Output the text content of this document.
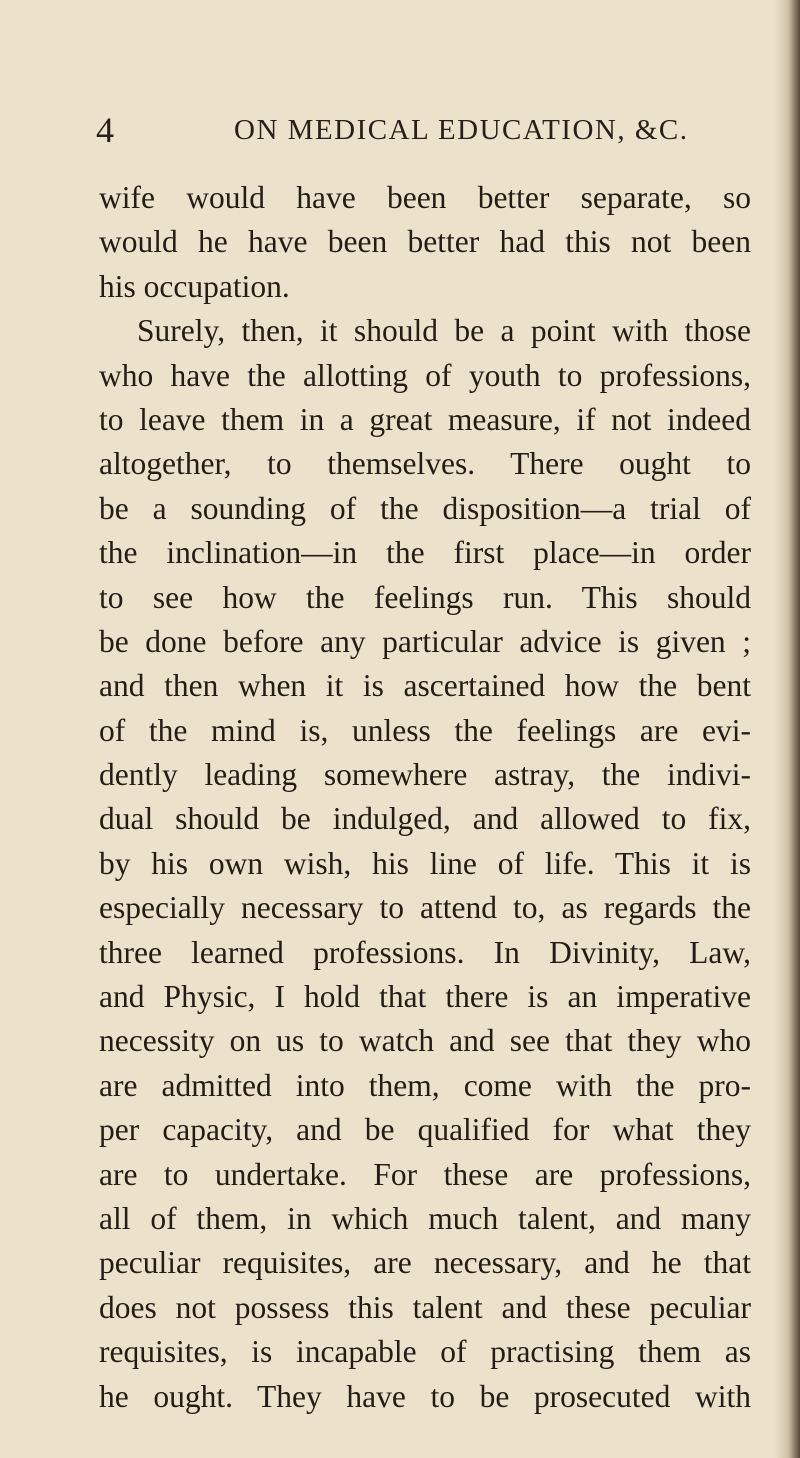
4	ON MEDICAL EDUCATION, &C.
wife would have been better separate, so
would he have been better had this not been
his occupation.
Surely, then, it should be a point with those
who have the allotting of youth to professions,
to leave them in a great measure, if not indeed
altogether, to themselves. There ought to
be a sounding of the disposition—a trial of
the inclination—in the first place—in order
to see how the feelings run. This should
be done before any particular advice is given ;
and then when it is ascertained how the bent
of the mind is, unless the feelings are evi-
dently leading somewhere astray, the indivi-
dual should be indulged, and allowed to fix,
by his own wish, his line of life. This it is
especially necessary to attend to, as regards the
three learned professions. In Divinity, Law,
and Physic, I hold that there is an imperative
necessity on us to watch and see that they who
are admitted into them, come with the pro-
per capacity, and be qualified for what they
are to undertake. For these are professions,
all of them, in which much talent, and many
peculiar requisites, are necessary, and he that
does not possess this talent and these peculiar
requisites, is incapable of practising them as
he ought. They have to be prosecuted with
